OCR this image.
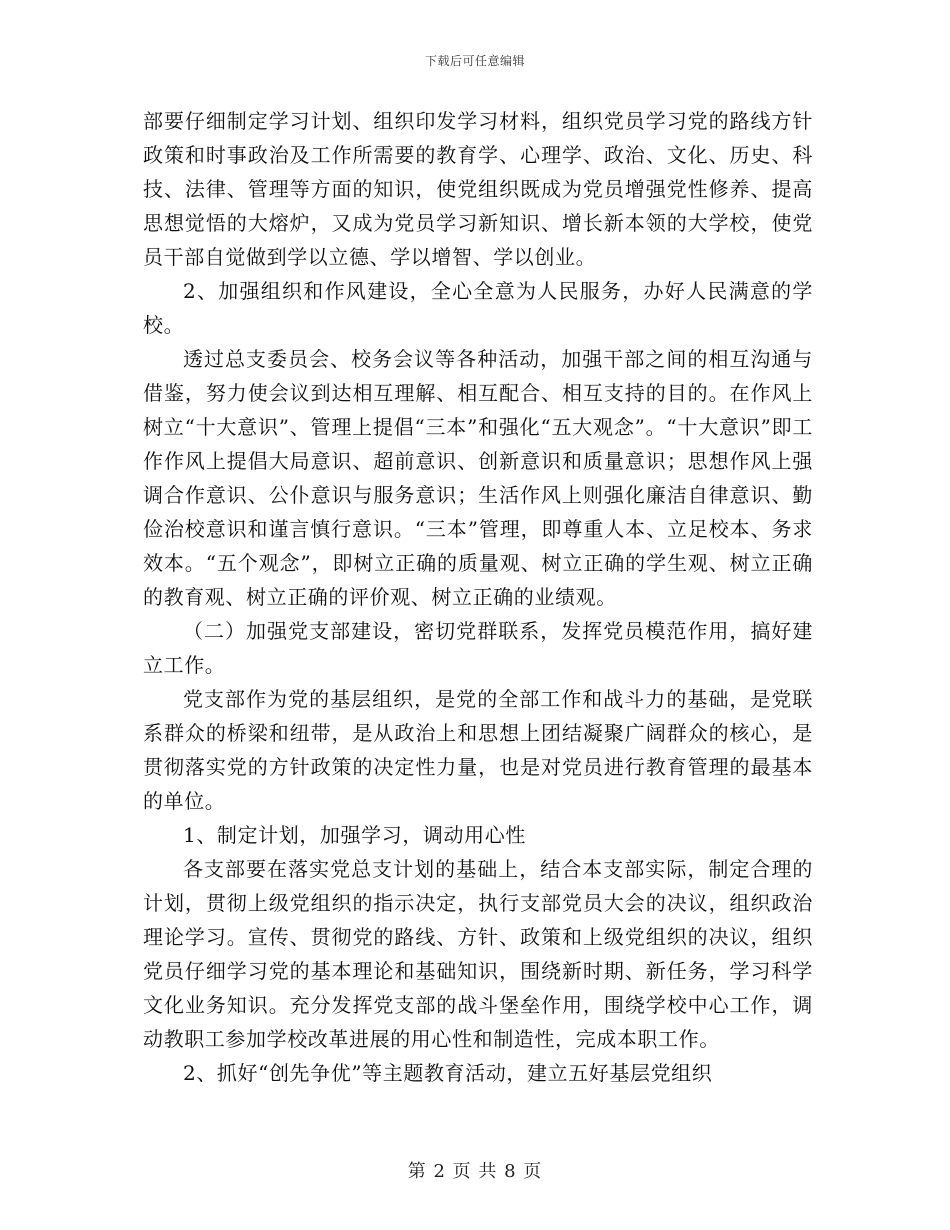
下载后可任意编辑

部要仔细制定学习计划、组织印发学习材料，组织党员学习党的路线方针政策和时事政治及工作所需要的教育学、心理学、政治、文化、历史、科技、法律、管理等方面的知识，使党组织既成为党员增强党性修养、提高思想觉悟的大熔炉，又成为党员学习新知识、增长新本领的大学校，使党员干部自觉做到学以立德、学以增智、学以创业。

2、加强组织和作风建设，全心全意为人民服务，办好人民满意的学校。

透过总支委员会、校务会议等各种活动，加强干部之间的相互沟通与借鉴，努力使会议到达相互理解、相互配合、相互支持的目的。在作风上树立“十大意识”、管理上提倡“三本”和强化“五大观念”。“十大意识”即工作作风上提倡大局意识、超前意识、创新意识和质量意识；思想作风上强调合作意识、公仆意识与服务意识；生活作风上则强化廉洁自律意识、勤俭治校意识和谨言慎行意识。“三本”管理，即尊重人本、立足校本、务求效本。“五个观念”，即树立正确的质量观、树立正确的学生观、树立正确的教育观、树立正确的评价观、树立正确的业绩观。

（二）加强党支部建设，密切党群联系，发挥党员模范作用，搞好建立工作。

党支部作为党的基层组织，是党的全部工作和战斗力的基础，是党联系群众的桥梁和纽带，是从政治上和思想上团结凝聚广阔群众的核心，是贯彻落实党的方针政策的决定性力量，也是对党员进行教育管理的最基本的单位。

1、制定计划，加强学习，调动用心性

各支部要在落实党总支计划的基础上，结合本支部实际，制定合理的计划，贯彻上级党组织的指示决定，执行支部党员大会的决议，组织政治理论学习。宣传、贯彻党的路线、方针、政策和上级党组织的决议，组织党员仔细学习党的基本理论和基础知识，围绕新时期、新任务，学习科学文化业务知识。充分发挥党支部的战斗堡垒作用，围绕学校中心工作，调动教职工参加学校改革进展的用心性和制造性，完成本职工作。

2、抓好“创先争优”等主题教育活动，建立五好基层党组织

第 2 页 共 8 页
